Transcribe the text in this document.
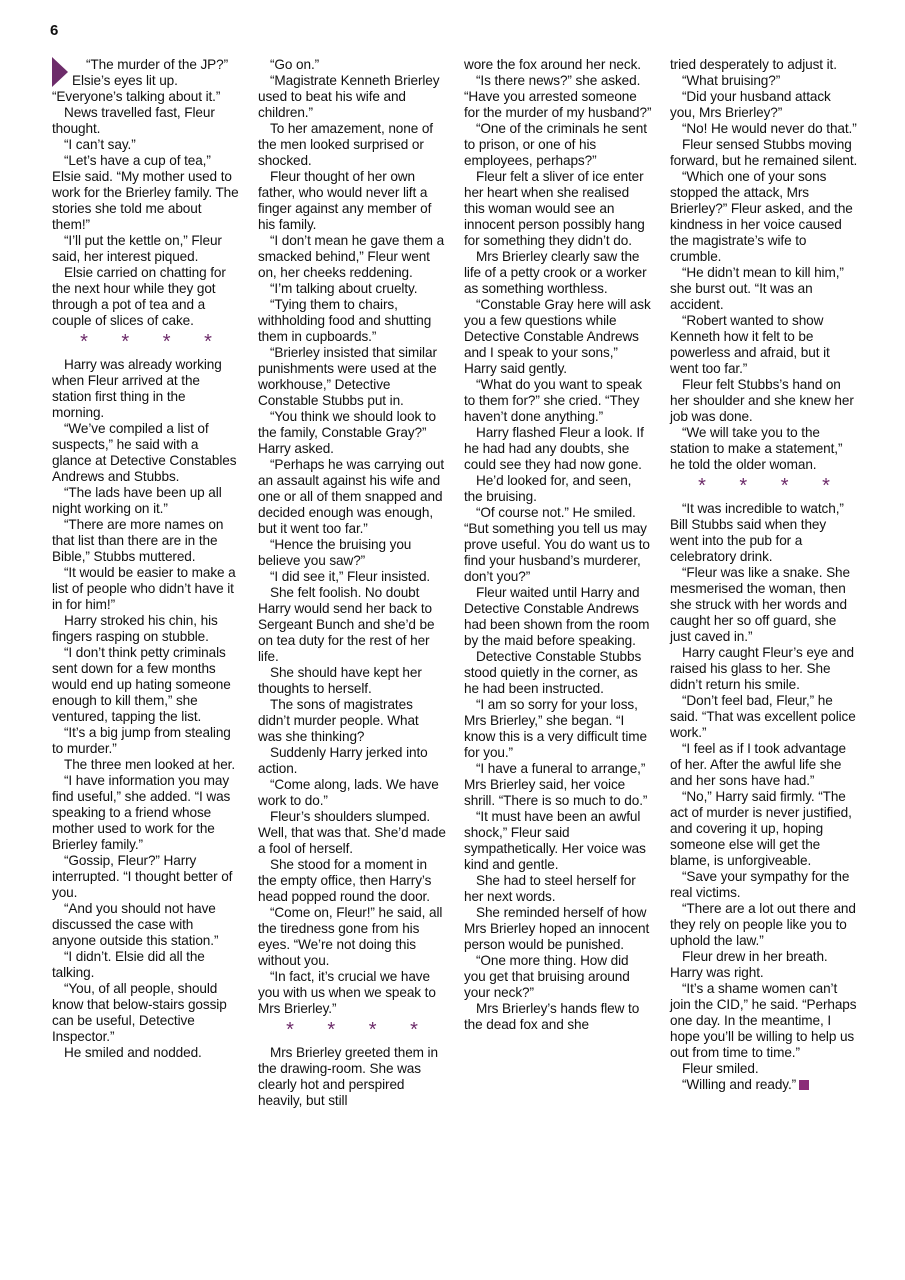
6

“The murder of the JP?” Elsie’s eyes lit up. “Everyone’s talking about it.”

News travelled fast, Fleur thought.

“I can’t say.”

“Let’s have a cup of tea,” Elsie said. “My mother used to work for the Brierley family. The stories she told me about them!”

“I’ll put the kettle on,” Fleur said, her interest piqued.

Elsie carried on chatting for the next hour while they got through a pot of tea and a couple of slices of cake.

* * * *

Harry was already working when Fleur arrived at the station first thing in the morning.

“We’ve compiled a list of suspects,” he said with a glance at Detective Constables Andrews and Stubbs.

“The lads have been up all night working on it.”

“There are more names on that list than there are in the Bible,” Stubbs muttered.

“It would be easier to make a list of people who didn’t have it in for him!”

Harry stroked his chin, his fingers rasping on stubble.

“I don’t think petty criminals sent down for a few months would end up hating someone enough to kill them,” she ventured, tapping the list.

“It’s a big jump from stealing to murder.”

The three men looked at her.

“I have information you may find useful,” she added. “I was speaking to a friend whose mother used to work for the Brierley family.”

“Gossip, Fleur?” Harry interrupted. “I thought better of you.

“And you should not have discussed the case with anyone outside this station.”

“I didn’t. Elsie did all the talking.

“You, of all people, should know that below-stairs gossip can be useful, Detective Inspector.”

He smiled and nodded.

“Go on.”

“Magistrate Kenneth Brierley used to beat his wife and children.”

To her amazement, none of the men looked surprised or shocked.

Fleur thought of her own father, who would never lift a finger against any member of his family.

“I don’t mean he gave them a smacked behind,” Fleur went on, her cheeks reddening.

“I’m talking about cruelty.

“Tying them to chairs, withholding food and shutting them in cupboards.”

“Brierley insisted that similar punishments were used at the workhouse,” Detective Constable Stubbs put in.

“You think we should look to the family, Constable Gray?” Harry asked.

“Perhaps he was carrying out an assault against his wife and one or all of them snapped and decided enough was enough, but it went too far.”

“Hence the bruising you believe you saw?”

“I did see it,” Fleur insisted.

She felt foolish. No doubt Harry would send her back to Sergeant Bunch and she’d be on tea duty for the rest of her life.

She should have kept her thoughts to herself.

The sons of magistrates didn’t murder people. What was she thinking?

Suddenly Harry jerked into action.

“Come along, lads. We have work to do.”

Fleur’s shoulders slumped. Well, that was that. She’d made a fool of herself.

She stood for a moment in the empty office, then Harry’s head popped round the door.

“Come on, Fleur!” he said, all the tiredness gone from his eyes. “We’re not doing this without you.

“In fact, it’s crucial we have you with us when we speak to Mrs Brierley.”

* * * *

Mrs Brierley greeted them in the drawing-room. She was clearly hot and perspired heavily, but still

wore the fox around her neck.

“Is there news?” she asked. “Have you arrested someone for the murder of my husband?”

“One of the criminals he sent to prison, or one of his employees, perhaps?”

Fleur felt a sliver of ice enter her heart when she realised this woman would see an innocent person possibly hang for something they didn’t do.

Mrs Brierley clearly saw the life of a petty crook or a worker as something worthless.

“Constable Gray here will ask you a few questions while Detective Constable Andrews and I speak to your sons,” Harry said gently.

“What do you want to speak to them for?” she cried. “They haven’t done anything.”

Harry flashed Fleur a look. If he had had any doubts, she could see they had now gone.

He’d looked for, and seen, the bruising.

“Of course not.” He smiled. “But something you tell us may prove useful. You do want us to find your husband’s murderer, don’t you?”

Fleur waited until Harry and Detective Constable Andrews had been shown from the room by the maid before speaking.

Detective Constable Stubbs stood quietly in the corner, as he had been instructed.

“I am so sorry for your loss, Mrs Brierley,” she began. “I know this is a very difficult time for you.”

“I have a funeral to arrange,” Mrs Brierley said, her voice shrill. “There is so much to do.”

“It must have been an awful shock,” Fleur said sympathetically. Her voice was kind and gentle.

She had to steel herself for her next words.

She reminded herself of how Mrs Brierley hoped an innocent person would be punished.

“One more thing. How did you get that bruising around your neck?”

Mrs Brierley’s hands flew to the dead fox and she

tried desperately to adjust it.

“What bruising?”

“Did your husband attack you, Mrs Brierley?”

“No! He would never do that.”

Fleur sensed Stubbs moving forward, but he remained silent.

“Which one of your sons stopped the attack, Mrs Brierley?” Fleur asked, and the kindness in her voice caused the magistrate’s wife to crumble.

“He didn’t mean to kill him,” she burst out. “It was an accident.

“Robert wanted to show Kenneth how it felt to be powerless and afraid, but it went too far.”

Fleur felt Stubbs’s hand on her shoulder and she knew her job was done.

“We will take you to the station to make a statement,” he told the older woman.

* * * *

“It was incredible to watch,” Bill Stubbs said when they went into the pub for a celebratory drink.

“Fleur was like a snake. She mesmerised the woman, then she struck with her words and caught her so off guard, she just caved in.”

Harry caught Fleur’s eye and raised his glass to her. She didn’t return his smile.

“Don’t feel bad, Fleur,” he said. “That was excellent police work.”

“I feel as if I took advantage of her. After the awful life she and her sons have had.”

“No,” Harry said firmly. “The act of murder is never justified, and covering it up, hoping someone else will get the blame, is unforgiveable.

“Save your sympathy for the real victims.

“There are a lot out there and they rely on people like you to uphold the law.”

Fleur drew in her breath. Harry was right.

“It’s a shame women can’t join the CID,” he said. “Perhaps one day. In the meantime, I hope you’ll be willing to help us out from time to time.”

Fleur smiled.

“Willing and ready.”
